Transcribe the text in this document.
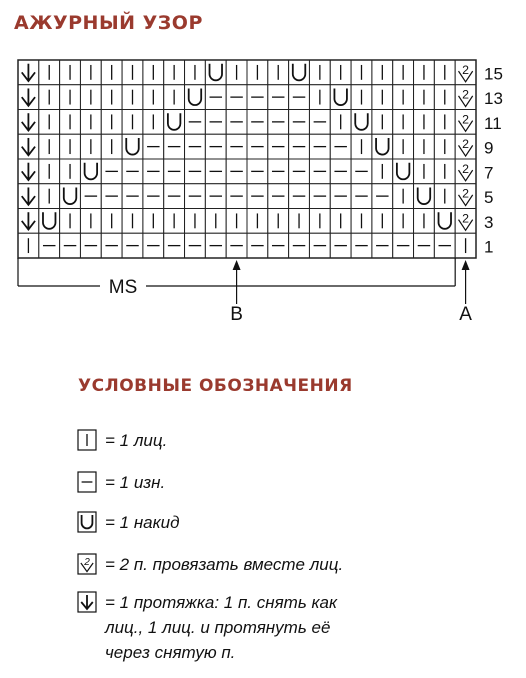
АЖУРНЫЙ УЗОР
2 15
2 13
2 11
2 9
2 7
2 5
2 3
1
MS
B	A
УСЛОВНЫЕ ОБОЗНАЧЕНИЯ
= 1 лиц.
= 1 изн.
= 1 накид
2 = 2 п. провязать вместе лиц.
= 1 протяжка: 1 п. снять как
лиц., 1 лиц. и протянуть её
через снятую п.
